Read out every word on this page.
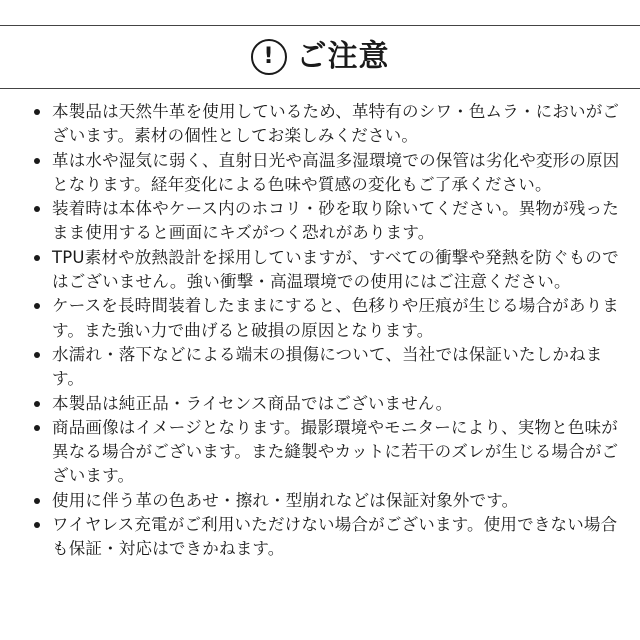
! ご注意
本製品は天然牛革を使用しているため、革特有のシワ・色ムラ・においがございます。素材の個性としてお楽しみください。
革は水や湿気に弱く、直射日光や高温多湿環境での保管は劣化や変形の原因となります。経年変化による色味や質感の変化もご了承ください。
装着時は本体やケース内のホコリ・砂を取り除いてください。異物が残ったまま使用すると画面にキズがつく恐れがあります。
TPU素材や放熱設計を採用していますが、すべての衝撃や発熱を防ぐものではございません。強い衝撃・高温環境での使用にはご注意ください。
ケースを長時間装着したままにすると、色移りや圧痕が生じる場合があります。また強い力で曲げると破損の原因となります。
水濡れ・落下などによる端末の損傷について、当社では保証いたしかねます。
本製品は純正品・ライセンス商品ではございません。
商品画像はイメージとなります。撮影環境やモニターにより、実物と色味が異なる場合がございます。また縫製やカットに若干のズレが生じる場合がございます。
使用に伴う革の色あせ・擦れ・型崩れなどは保証対象外です。
ワイヤレス充電がご利用いただけない場合がございます。使用できない場合も保証・対応はできかねます。
